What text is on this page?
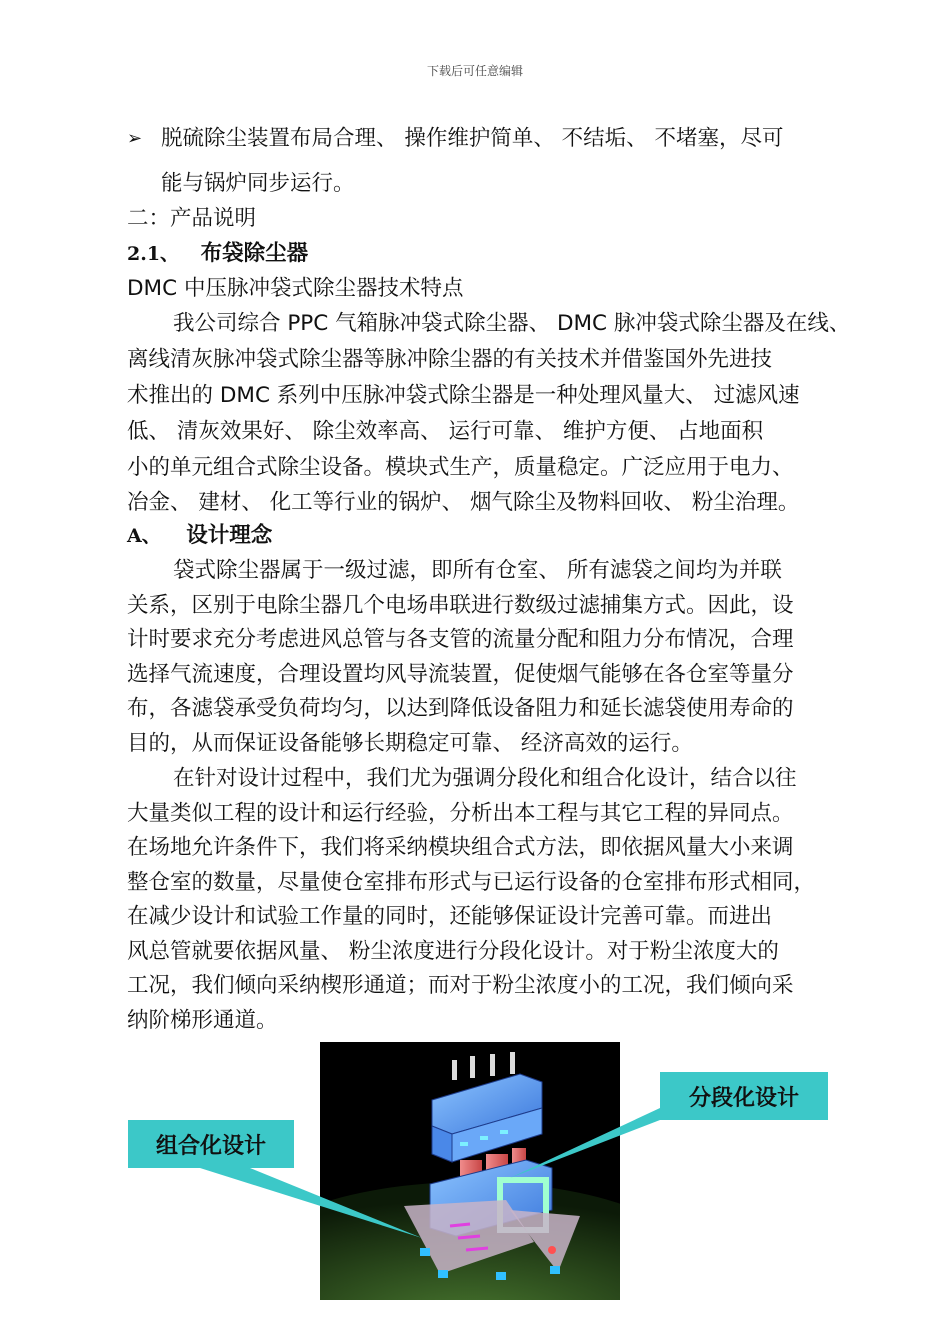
下载后可任意编辑
➢ 脱硫除尘装置布局合理、 操作维护简单、 不结垢、 不堵塞，尽可
能与锅炉同步运行。
二：产品说明
2.1、 布袋除尘器
DMC 中压脉冲袋式除尘器技术特点
我公司综合 PPC 气箱脉冲袋式除尘器、 DMC 脉冲袋式除尘器及在线、
离线清灰脉冲袋式除尘器等脉冲除尘器的有关技术并借鉴国外先进技
术推出的 DMC 系列中压脉冲袋式除尘器是一种处理风量大、 过滤风速
低、 清灰效果好、 除尘效率高、 运行可靠、 维护方便、 占地面积
小的单元组合式除尘设备。模块式生产，质量稳定。广泛应用于电力、
冶金、 建材、 化工等行业的锅炉、 烟气除尘及物料回收、 粉尘治理。
A、 设计理念
袋式除尘器属于一级过滤，即所有仓室、 所有滤袋之间均为并联
关系，区别于电除尘器几个电场串联进行数级过滤捕集方式。因此，设
计时要求充分考虑进风总管与各支管的流量分配和阻力分布情况，合理
选择气流速度，合理设置均风导流装置，促使烟气能够在各仓室等量分
布，各滤袋承受负荷均匀，以达到降低设备阻力和延长滤袋使用寿命的
目的，从而保证设备能够长期稳定可靠、 经济高效的运行。
在针对设计过程中，我们尤为强调分段化和组合化设计，结合以往
大量类似工程的设计和运行经验，分析出本工程与其它工程的异同点。
在场地允许条件下，我们将采纳模块组合式方法，即依据风量大小来调
整仓室的数量，尽量使仓室排布形式与已运行设备的仓室排布形式相同，
在减少设计和试验工作量的同时，还能够保证设计完善可靠。而进出
风总管就要依据风量、 粉尘浓度进行分段化设计。对于粉尘浓度大的
工况，我们倾向采纳楔形通道；而对于粉尘浓度小的工况，我们倾向采
纳阶梯形通道。
组合化设计
分段化设计
